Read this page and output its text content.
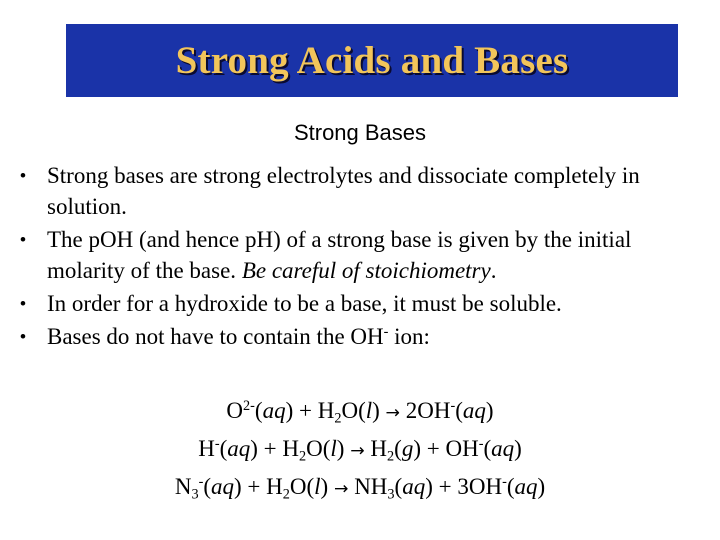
Strong Acids and Bases
Strong Bases
• Strong bases are strong electrolytes and dissociate completely in solution.
• The pOH (and hence pH) of a strong base is given by the initial molarity of the base. Be careful of stoichiometry.
• In order for a hydroxide to be a base, it must be soluble.
• Bases do not have to contain the OH- ion:
$O^{2-}(aq) + H_2O(l) \to 2OH^-(aq)$
$H^-(aq) + H_2O(l) \to H_2(g) + OH^-(aq)$
$N_3^-(aq) + H_2O(l) \to NH_3(aq) + 3OH^-(aq)$
